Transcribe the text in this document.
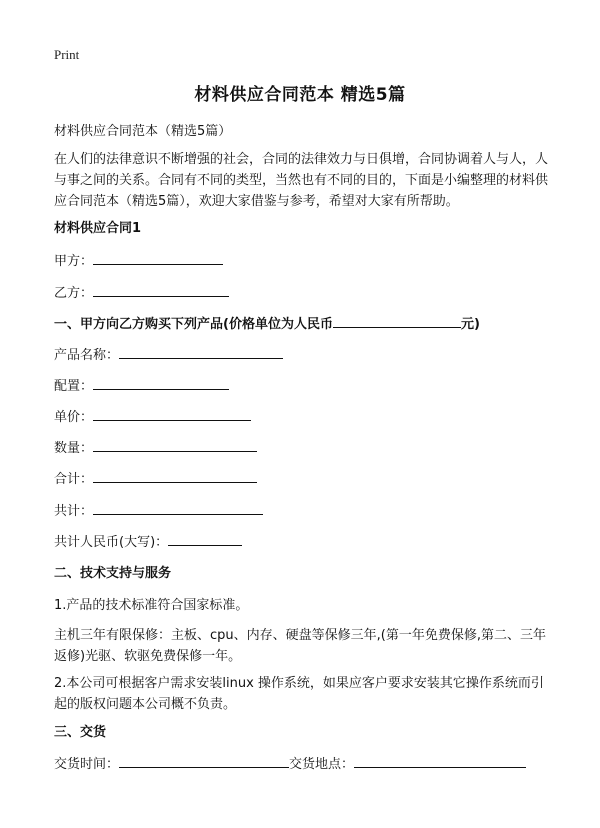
Print
材料供应合同范本 精选5篇
材料供应合同范本（精选5篇）
在人们的法律意识不断增强的社会，合同的法律效力与日俱增，合同协调着人与人，人与事之间的关系。合同有不同的类型，当然也有不同的目的，下面是小编整理的材料供应合同范本（精选5篇），欢迎大家借鉴与参考，希望对大家有所帮助。
材料供应合同1
甲方：
乙方：
一、甲方向乙方购买下列产品(价格单位为人民币	元)
产品名称：
配置：
单价：
数量：
合计：
共计：
共计人民币(大写)：
二、技术支持与服务
1.产品的技术标准符合国家标准。
主机三年有限保修：主板、cpu、内存、硬盘等保修三年,(第一年免费保修,第二、三年返修)光驱、软驱免费保修一年。
2.本公司可根据客户需求安装linux 操作系统，如果应客户要求安装其它操作系统而引起的版权问题本公司概不负责。
三、交货
交货时间：	交货地点：
